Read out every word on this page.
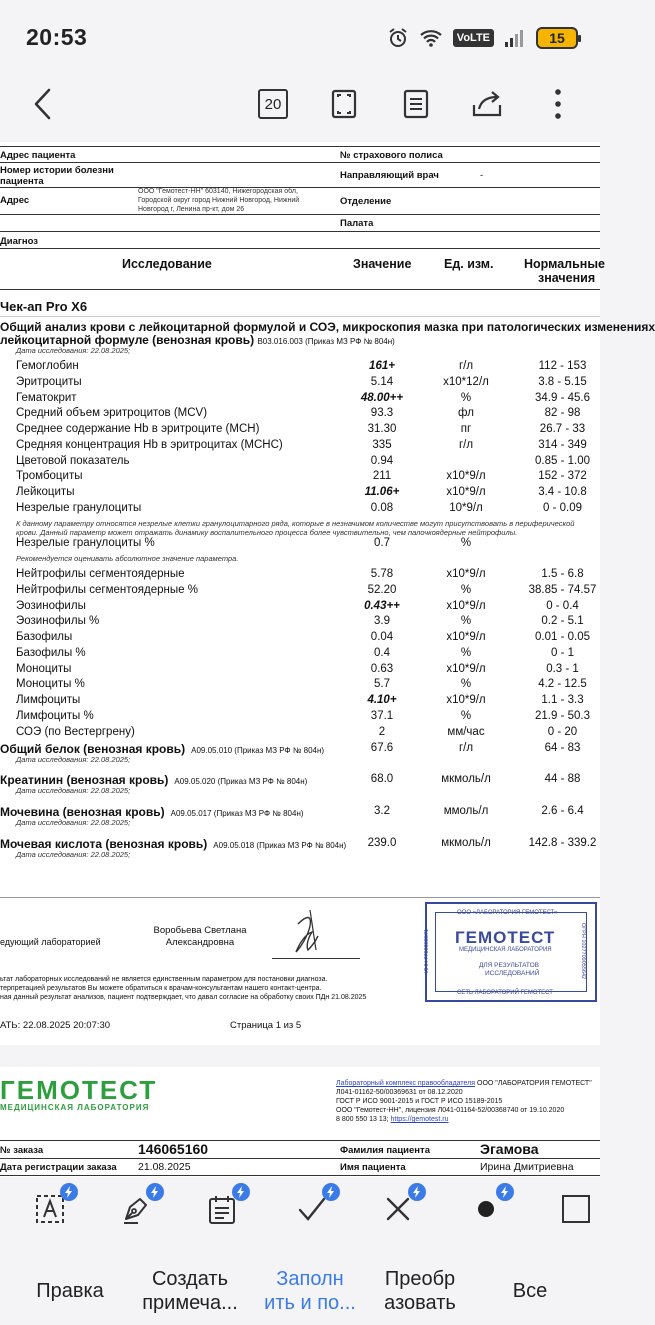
20:53	VoLTE	15
20
Адрес пациента	№ страхового полиса
Номер истории болезни пациента
Направляющий врач	-
Адрес
ООО "Гемотест-НН" 603140, Нижегородская обл,
Городской округ город Нижний Новгород, Нижний
Новгород г, Ленина пр-кт, дом 26
Отделение
Палата
Диагноз
Исследование	Значение	Ед. изм. Нормальные
значения
Чек-ап Pro X6
Общий анализ крови с лейкоцитарной формулой и СОЭ, микроскопия мазка при патологических изменениях
лейкоцитарной формуле (венозная кровь) B03.016.003 (Приказ МЗ РФ № 804н)
Дата исследования: 22.08.2025;
Гемоглобин	161+	г/л	112 - 153
Эритроциты	5.14	x10*12/л	3.8 - 5.15
Гематокрит	48.00++	%	34.9 - 45.6
Средний объем эритроцитов (MCV)	93.3	фл	82 - 98
Среднее содержание Hb в эритроците (MCH)	31.30	пг	26.7 - 33
Средняя концентрация Hb в эритроцитах (MCHC)	335	г/л	314 - 349
Цветовой показатель	0.94	0.85 - 1.00
Тромбоциты	211	x10*9/л	152 - 372
Лейкоциты	11.06+	x10*9/л	3.4 - 10.8
Незрелые гранулоциты	0.08	10*9/л	0 - 0.09
К данному параметру относятся незрелые клетки гранулоцитарного ряда, которые в незначимом количестве могут присутствовать в периферической
крови. Данный параметр может отражать динамику воспалительного процесса более чувствительно, чем палочкоядерные нейтрофилы.
Незрелые гранулоциты %	0.7	%
Рекомендуется оценивать абсолютное значение параметра.
Нейтрофилы сегментоядерные	5.78	x10*9/л	1.5 - 6.8
Нейтрофилы сегментоядерные %	52.20	%	38.85 - 74.57
Эозинофилы	0.43++	x10*9/л	0 - 0.4
Эозинофилы %	3.9	%	0.2 - 5.1
Базофилы	0.04	x10*9/л	0.01 - 0.05
Базофилы %	0.4	%	0 - 1
Моноциты	0.63	x10*9/л	0.3 - 1
Моноциты %	5.7	%	4.2 - 12.5
Лимфоциты	4.10+	x10*9/л	1.1 - 3.3
Лимфоциты %	37.1	%	21.9 - 50.3
СОЭ (по Вестергрену)	2	мм/час	0 - 20
Общий белок (венозная кровь) A09.05.010 (Приказ МЗ РФ № 804н)	67.6	г/л	64 - 83
Дата исследования: 22.08.2025;
Креатинин (венозная кровь) A09.05.020 (Приказ МЗ РФ № 804н)	68.0	мкмоль/л	44 - 88
Дата исследования: 22.08.2025;
Мочевина (венозная кровь) A09.05.017 (Приказ МЗ РФ № 804н)	3.2	ммоль/л	2.6 - 6.4
Дата исследования: 22.08.2025;
Мочевая кислота (венозная кровь) A09.05.018 (Приказ МЗ РФ № 804н)	239.0	мкмоль/л	142.8 - 339.2
Дата исследования: 22.08.2025;
едующий лабораторией
Воробьева Светлана
Александровна
ьтат лабораторных исследований не является единственным параметром для постановки диагноза.
терпретацией результатов Вы можете обратиться к врачам-консультантам нашего контакт-центра.
ная данный результат анализов, пациент подтверждает, что давал согласие на обработку своих ПДн 21.08.2025
АТЬ: 22.08.2025 20:07:30	Страница 1 из 5
ООО «ЛАБОРАТОРИЯ ГЕМОТЕСТ»
ГЕМОТЕСТ
МЕДИЦИНСКАЯ ЛАБОРАТОРИЯ
ДЛЯ РЕЗУЛЬТАТОВ
ИССЛЕДОВАНИЙ
СЕТЬ ЛАБОРАТОРИЙ ГЕМОТЕСТ
ИНН 7709383571	ОГРН 1027709055642
ГЕМОТЕСТ
МЕДИЦИНСКАЯ ЛАБОРАТОРИЯ
Лабораторный комплекс правообладателя ООО "ЛАБОРАТОРИЯ ГЕМОТЕСТ"
Л041-01162-50/00369631 от 08.12.2020
ГОСТ Р ИСО 9001-2015 и ГОСТ Р ИСО 15189-2015
ООО "Гемотест-НН", лицензия Л041-01164-52/00368740 от 19.10.2020
8 800 550 13 13; https://gemotest.ru
№ заказа	146065160	Фамилия пациента	Эгамова
Дата регистрации заказа 21.08.2025	Имя пациента	Ирина Дмитриевна
Правка
Создать
примеча...
Заполн
ить и по...
Преобр
азовать
Все
